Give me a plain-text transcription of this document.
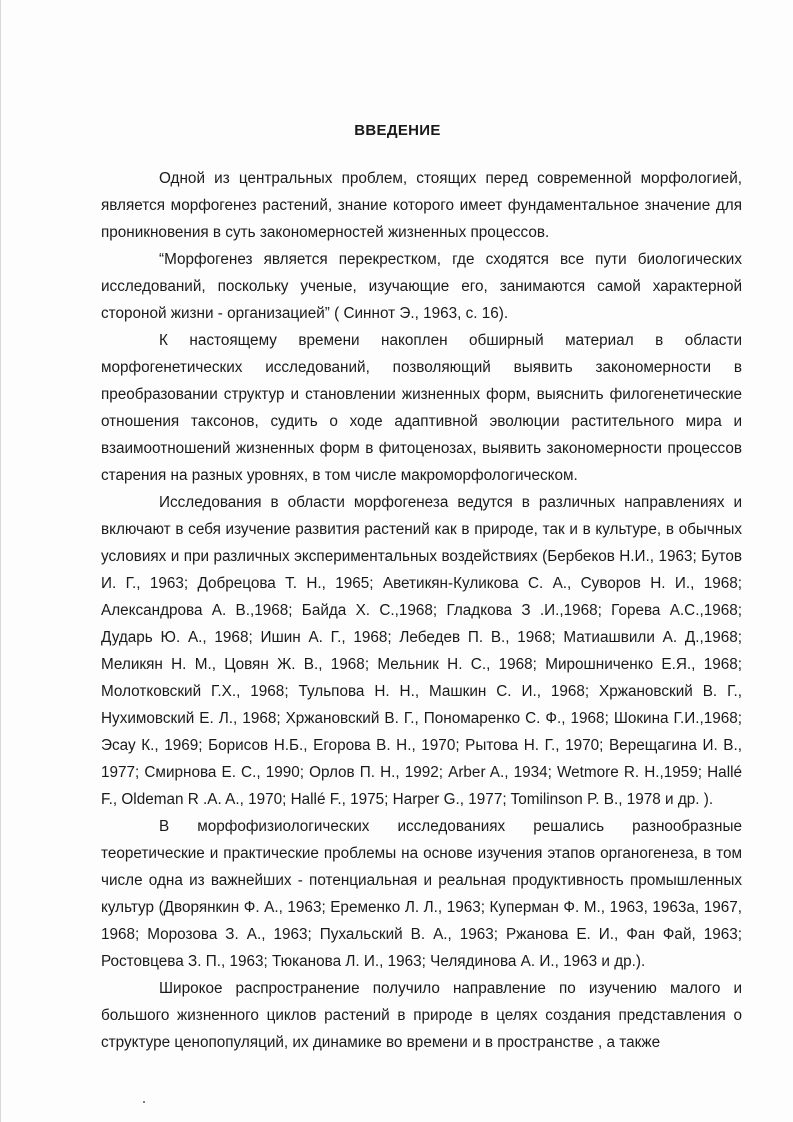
ВВЕДЕНИЕ

Одной из центральных проблем, стоящих перед современной морфологией, является морфогенез растений, знание которого имеет фундаментальное значение для проникновения в суть закономерностей жизненных процессов.

“Морфогенез является перекрестком, где сходятся все пути биологических исследований, поскольку ученые, изучающие его, занимаются самой характерной стороной жизни - организацией” ( Синнот Э., 1963, с. 16).

К настоящему времени накоплен обширный материал в области морфогенетических исследований, позволяющий выявить закономерности в преобразовании структур и становлении жизненных форм, выяснить филогенетические отношения таксонов, судить о ходе адаптивной эволюции растительного мира и взаимоотношений жизненных форм в фитоценозах, выявить закономерности процессов старения на разных уровнях, в том числе макроморфологическом.

Исследования в области морфогенеза ведутся в различных направлениях и включают в себя изучение развития растений как в природе, так и в культуре, в обычных условиях и при различных экспериментальных воздействиях (Бербеков Н.И., 1963; Бутов И. Г., 1963; Добрецова Т. Н., 1965; Аветикян-Куликова С. А., Суворов Н. И., 1968; Александрова А. В.,1968; Байда Х. С.,1968; Гладкова З .И.,1968; Горева А.С.,1968; Дударь Ю. А., 1968; Ишин А. Г., 1968; Лебедев П. В., 1968; Матиашвили А. Д.,1968; Меликян Н. М., Цовян Ж. В., 1968; Мельник Н. С., 1968; Мирошниченко Е.Я., 1968; Молотковский Г.Х., 1968; Тульпова Н. Н., Машкин С. И., 1968; Хржановский В. Г., Нухимовский Е. Л., 1968; Хржановский В. Г., Пономаренко С. Ф., 1968; Шокина Г.И.,1968; Эсау К., 1969; Борисов Н.Б., Егорова В. Н., 1970; Рытова Н. Г., 1970; Верещагина И. В., 1977; Смирнова Е. С., 1990; Орлов П. Н., 1992; Arber A., 1934; Wetmore R. H.,1959; Hallé F., Oldeman R .A. A., 1970; Hallé F., 1975; Harper G., 1977; Tomilinson P. B., 1978 и др. ).

В морфофизиологических исследованиях решались разнообразные теоретические и практические проблемы на основе изучения этапов органогенеза, в том числе одна из важнейших - потенциальная и реальная продуктивность промышленных культур (Дворянкин Ф. А., 1963; Еременко Л. Л., 1963; Куперман Ф. М., 1963, 1963а, 1967, 1968; Морозова З. А., 1963; Пухальский В. А., 1963; Ржанова Е. И., Фан Фай, 1963; Ростовцева З. П., 1963; Тюканова Л. И., 1963; Челядинова А. И., 1963 и др.).

Широкое распространение получило направление по изучению малого и большого жизненного циклов растений в природе в целях создания представления о структуре ценопопуляций, их динамике во времени и в пространстве , а также
